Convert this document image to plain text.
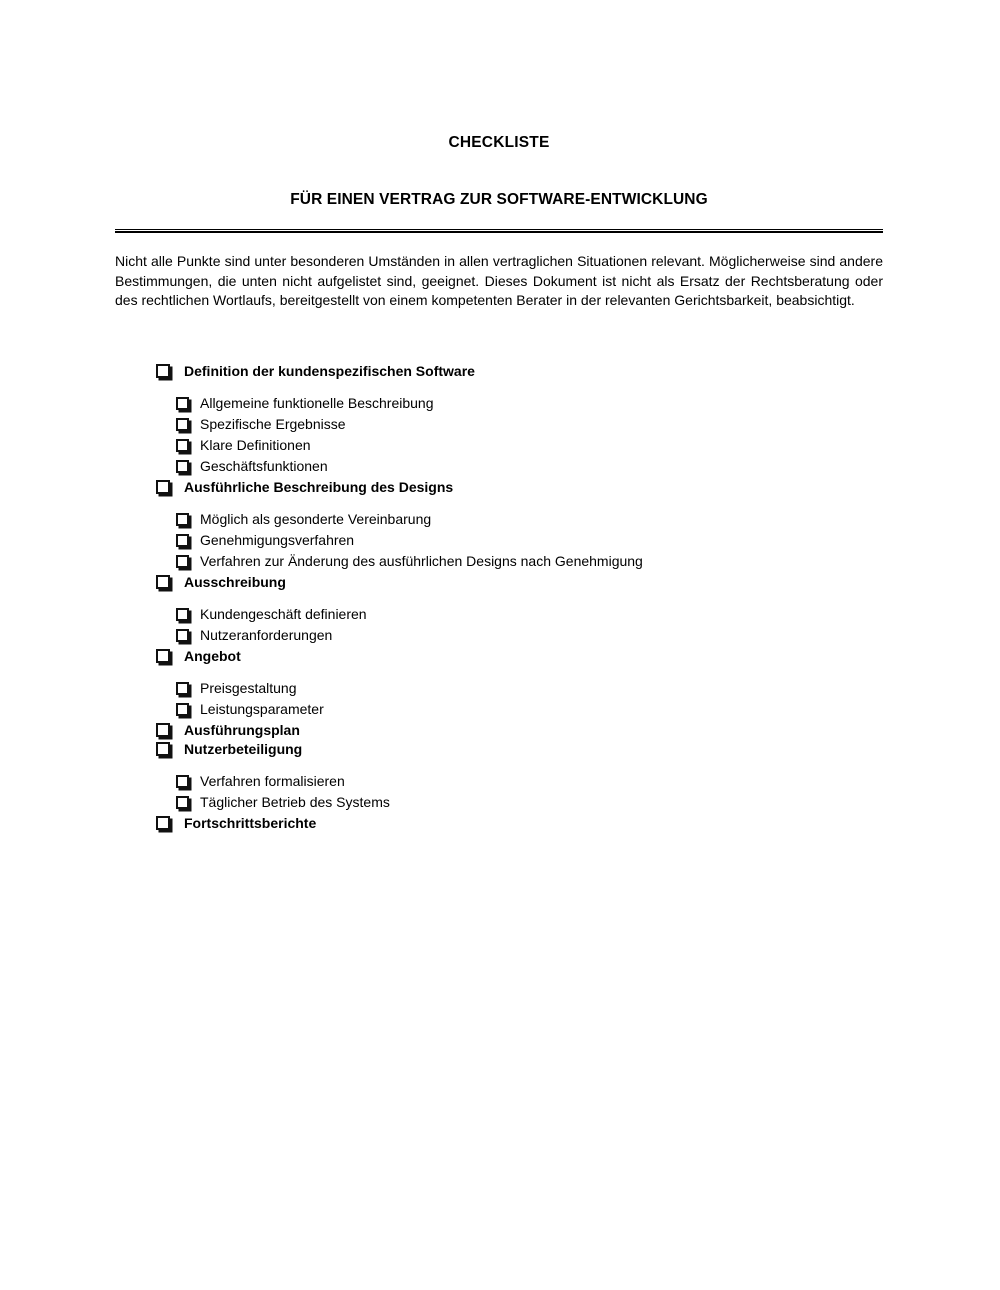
CHECKLISTE
FÜR EINEN VERTRAG ZUR SOFTWARE-ENTWICKLUNG

Nicht alle Punkte sind unter besonderen Umständen in allen vertraglichen Situationen relevant. Möglicherweise sind andere Bestimmungen, die unten nicht aufgelistet sind, geeignet. Dieses Dokument ist nicht als Ersatz der Rechtsberatung oder des rechtlichen Wortlaufs, bereitgestellt von einem kompetenten Berater in der relevanten Gerichtsbarkeit, beabsichtigt.

Definition der kundenspezifischen Software
Allgemeine funktionelle Beschreibung
Spezifische Ergebnisse
Klare Definitionen
Geschäftsfunktionen
Ausführliche Beschreibung des Designs
Möglich als gesonderte Vereinbarung
Genehmigungsverfahren
Verfahren zur Änderung des ausführlichen Designs nach Genehmigung
Ausschreibung
Kundengeschäft definieren
Nutzeranforderungen
Angebot
Preisgestaltung
Leistungsparameter
Ausführungsplan
Nutzerbeteiligung
Verfahren formalisieren
Täglicher Betrieb des Systems
Fortschrittsberichte
